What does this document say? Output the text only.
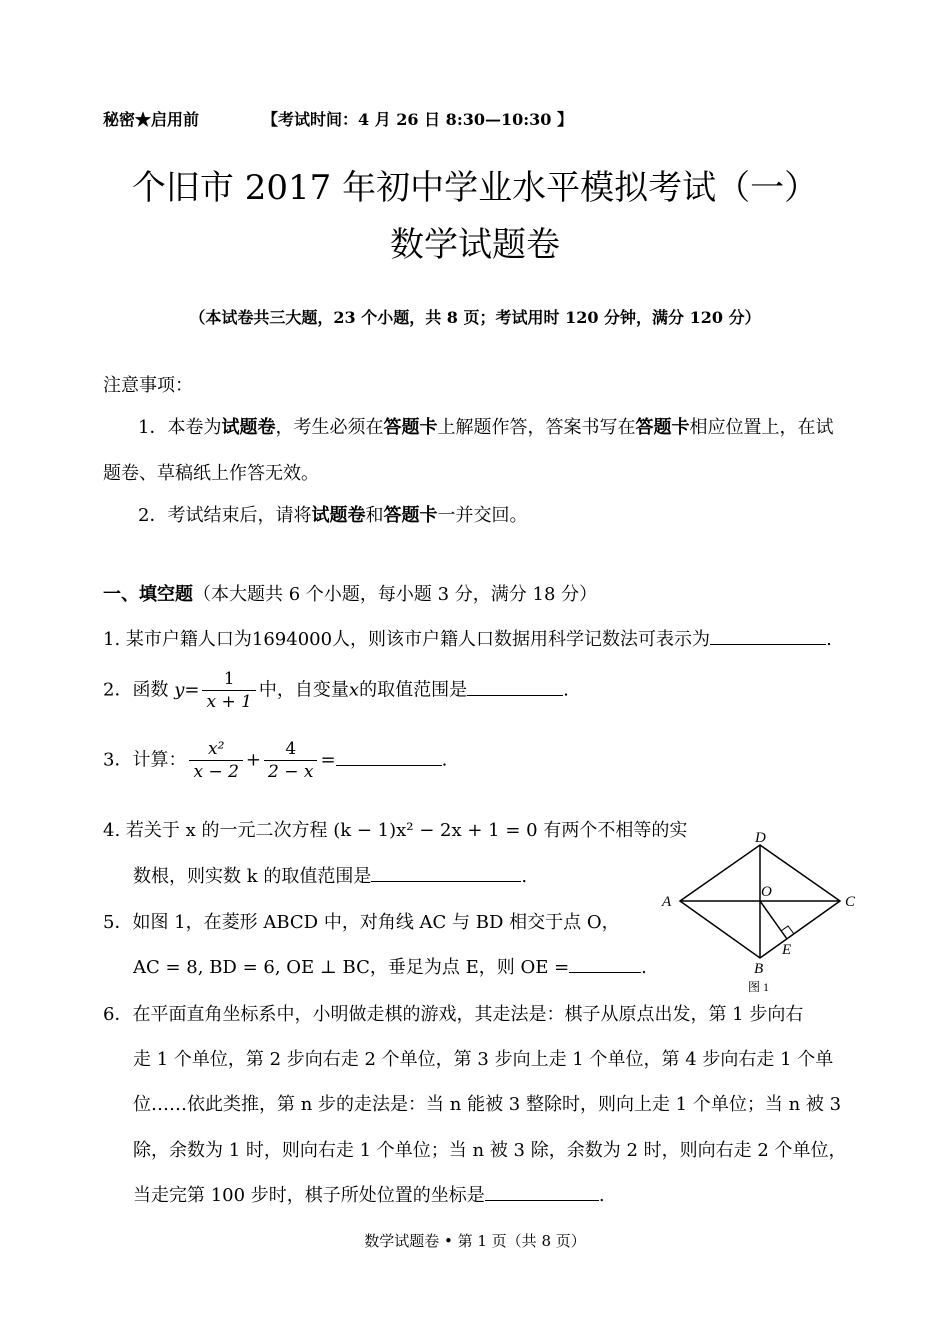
秘密★启用前	【考试时间：4 月 26 日 8:30—10:30 】
个旧市 2017 年初中学业水平模拟考试（一）
数学试题卷
（本试卷共三大题，23 个小题，共 8 页；考试用时 120 分钟，满分 120 分）
注意事项：
1．本卷为试题卷，考生必须在答题卡上解题作答，答案书写在答题卡相应位置上，在试
题卷、草稿纸上作答无效。
2．考试结束后，请将试题卷和答题卡一并交回。
一、填空题（本大题共 6 个小题，每小题 3 分，满分 18 分）
1. 某市户籍人口为1694000人，则该市户籍人口数据用科学记数法可表示为	.
2．函数 $y= \frac{1}{x + 1}$ 中，自变量x的取值范围是	.
3．计算： $\frac{\text{x²}}{x - 2} + \frac{4}{2 - x}$ =	.
4. 若关于 x 的一元二次方程 (k − 1)x² − 2x + 1 = 0 有两个不相等的实
数根，则实数 k 的取值范围是	.
5．如图 1，在菱形 ABCD 中，对角线 AC 与 BD 相交于点 O，
AC = 8, BD = 6, OE ⊥ BC，垂足为点 E，则 OE =	.
D
A	C
O
B
E
图 1
6．在平面直角坐标系中，小明做走棋的游戏，其走法是：棋子从原点出发，第 1 步向右
走 1 个单位，第 2 步向右走 2 个单位，第 3 步向上走 1 个单位，第 4 步向右走 1 个单
位……依此类推，第 n 步的走法是：当 n 能被 3 整除时，则向上走 1 个单位；当 n 被 3
除，余数为 1 时，则向右走 1 个单位；当 n 被 3 除，余数为 2 时，则向右走 2 个单位，
当走完第 100 步时，棋子所处位置的坐标是	.
数学试题卷 • 第 1 页（共 8 页）
